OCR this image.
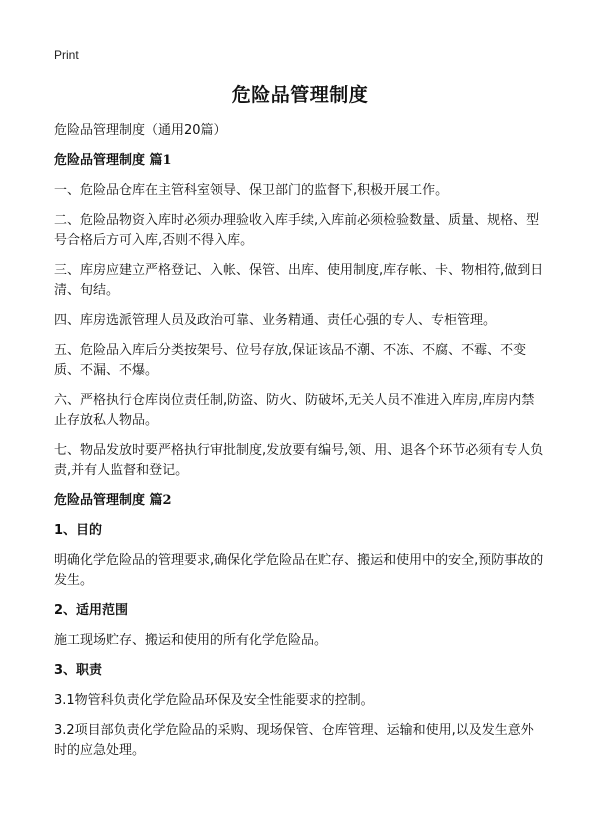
Print
危险品管理制度
危险品管理制度（通用20篇）
危险品管理制度 篇1
一、危险品仓库在主管科室领导、保卫部门的监督下,积极开展工作。
二、危险品物资入库时必须办理验收入库手续,入库前必须检验数量、质量、规格、型号合格后方可入库,否则不得入库。
三、库房应建立严格登记、入帐、保管、出库、使用制度,库存帐、卡、物相符,做到日清、旬结。
四、库房选派管理人员及政治可靠、业务精通、责任心强的专人、专柜管理。
五、危险品入库后分类按架号、位号存放,保证该品不潮、不冻、不腐、不霉、不变质、不漏、不爆。
六、严格执行仓库岗位责任制,防盗、防火、防破坏,无关人员不准进入库房,库房内禁止存放私人物品。
七、物品发放时要严格执行审批制度,发放要有编号,领、用、退各个环节必须有专人负责,并有人监督和登记。
危险品管理制度 篇2
1、目的
明确化学危险品的管理要求,确保化学危险品在贮存、搬运和使用中的安全,预防事故的发生。
2、适用范围
施工现场贮存、搬运和使用的所有化学危险品。
3、职责
3.1物管科负责化学危险品环保及安全性能要求的控制。
3.2项目部负责化学危险品的采购、现场保管、仓库管理、运输和使用,以及发生意外时的应急处理。
